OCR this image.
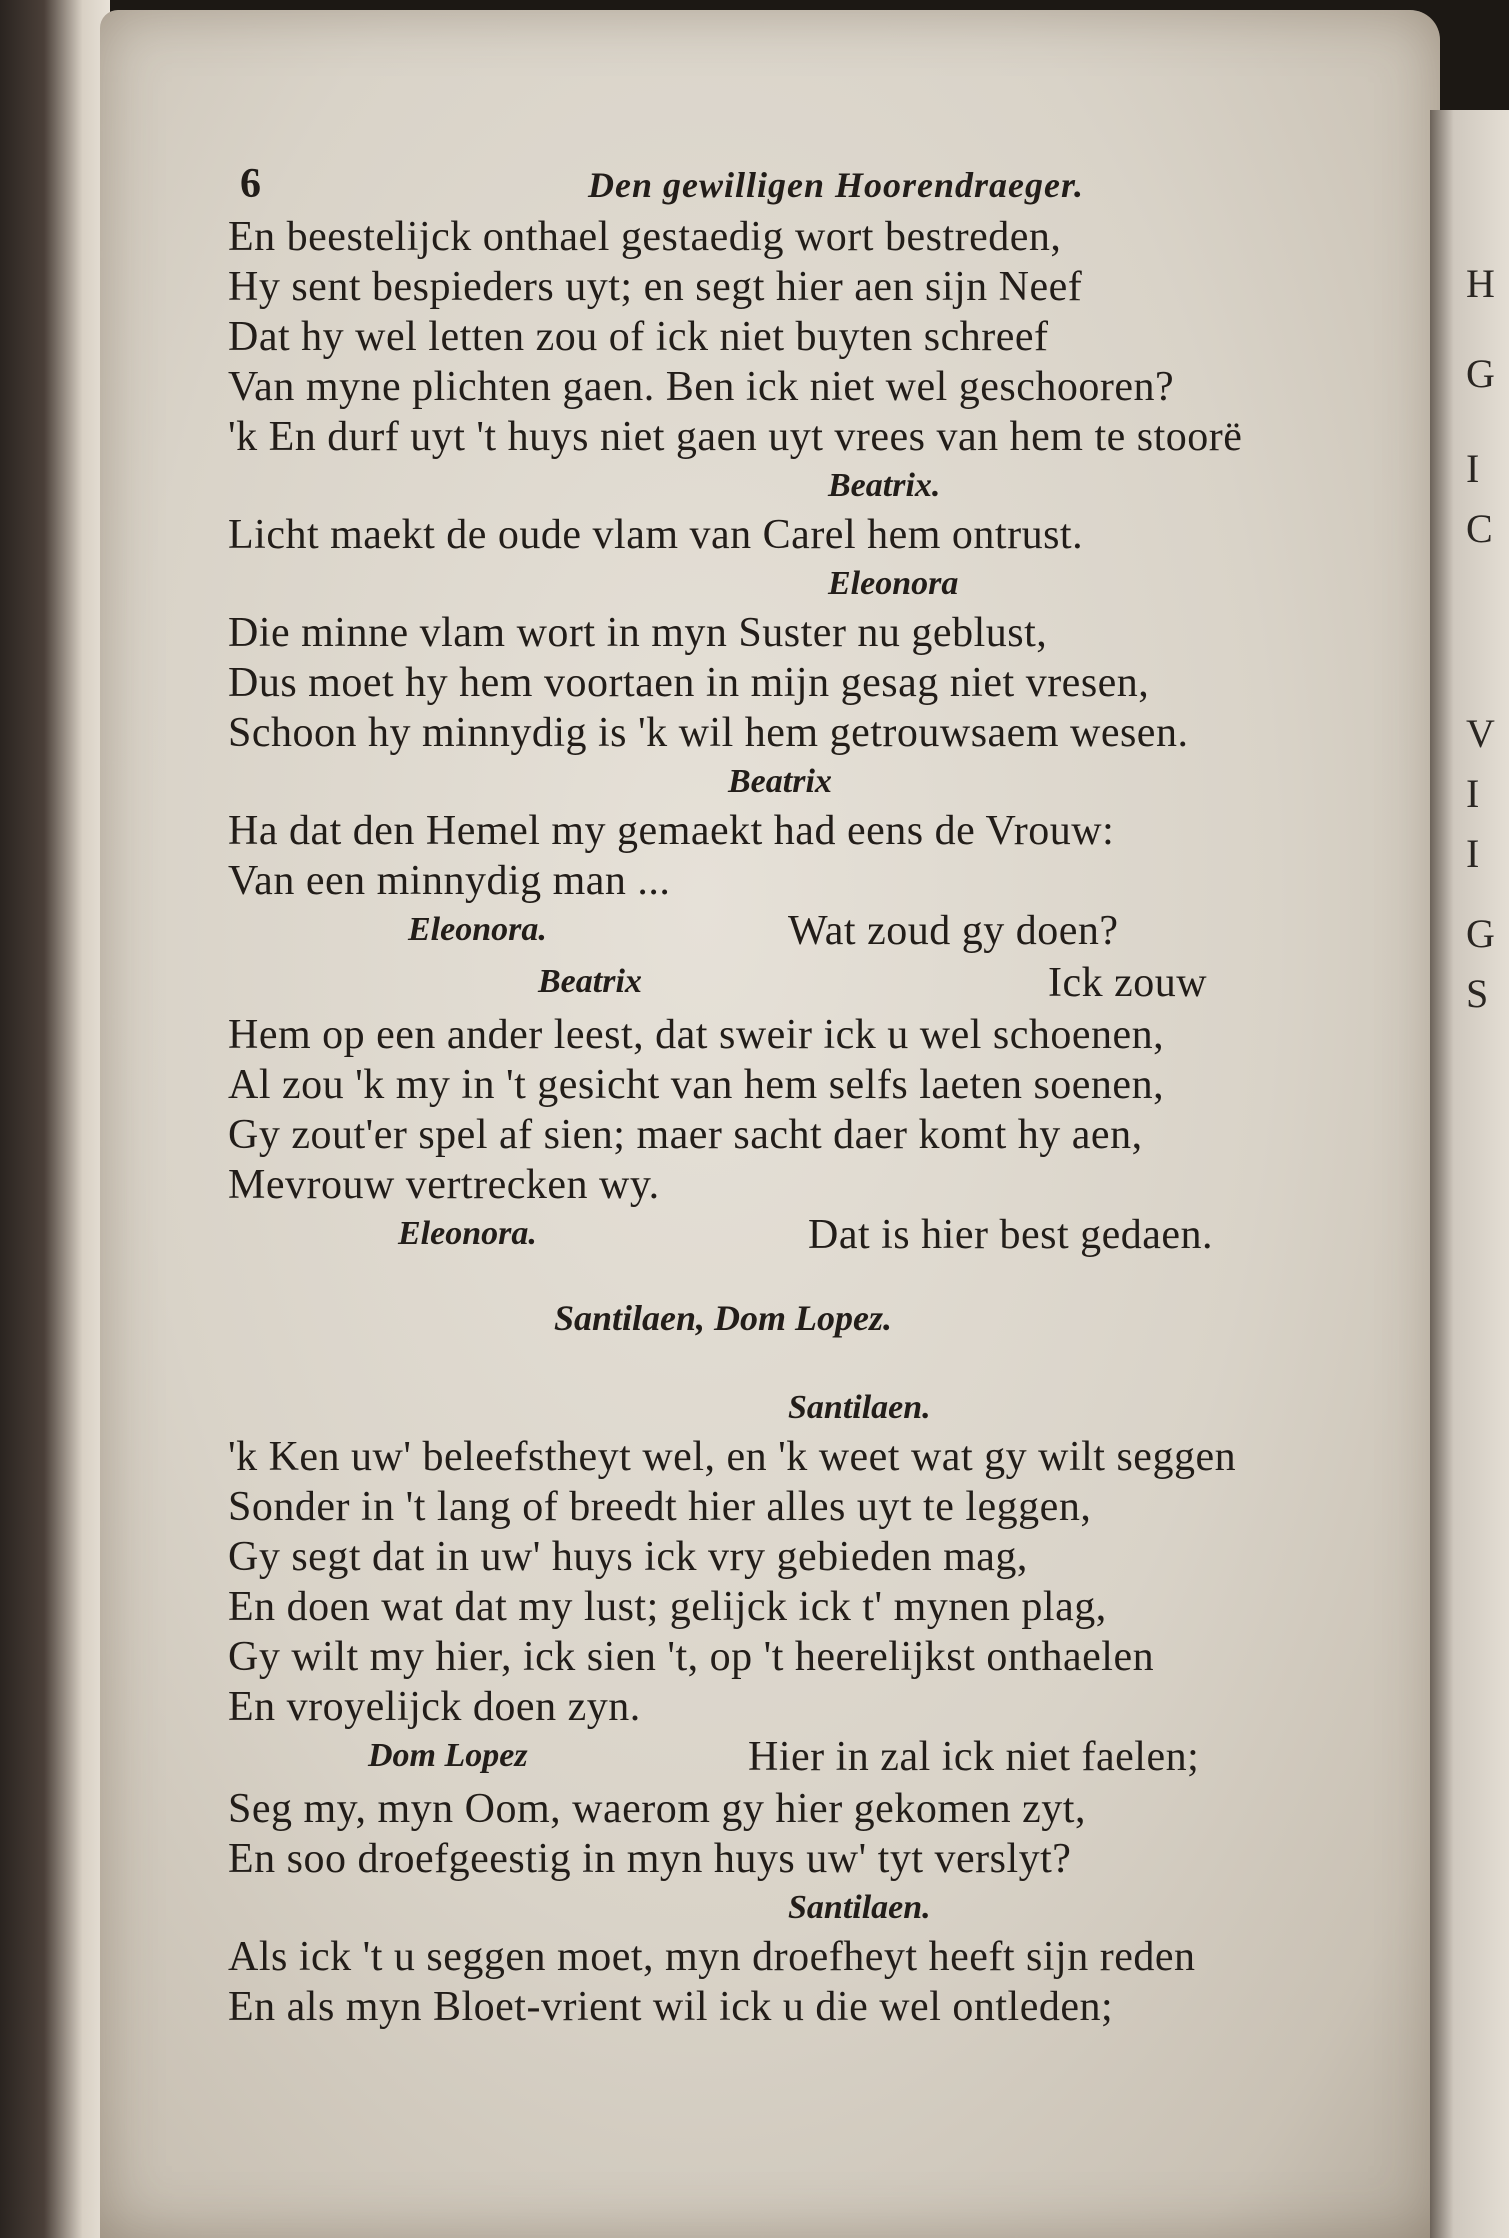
H
G
I
C
V
I
I
G
S
6	Den gewilligen Hoorendraeger.
En beestelijck onthael gestaedig wort bestreden,
Hy sent bespieders uyt; en segt hier aen sijn Neef
Dat hy wel letten zou of ick niet buyten schreef
Van myne plichten gaen. Ben ick niet wel geschooren?
'k En durf uyt 't huys niet gaen uyt vrees van hem te stoorë
Beatrix.
Licht maekt de oude vlam van Carel hem ontrust.
Eleonora
Die minne vlam wort in myn Suster nu geblust,
Dus moet hy hem voortaen in mijn gesag niet vresen,
Schoon hy minnydig is 'k wil hem getrouwsaem wesen.
Beatrix
Ha dat den Hemel my gemaekt had eens de Vrouw:
Van een minnydig man ...
Eleonora.	Wat zoud gy doen?
Beatrix	Ick zouw
Hem op een ander leest, dat sweir ick u wel schoenen,
Al zou 'k my in 't gesicht van hem selfs laeten soenen,
Gy zout'er spel af sien; maer sacht daer komt hy aen,
Mevrouw vertrecken wy.
Eleonora.	Dat is hier best gedaen.
Santilaen, Dom Lopez.
Santilaen.
'k Ken uw' beleefstheyt wel, en 'k weet wat gy wilt seggen
Sonder in 't lang of breedt hier alles uyt te leggen,
Gy segt dat in uw' huys ick vry gebieden mag,
En doen wat dat my lust; gelijck ick t' mynen plag,
Gy wilt my hier, ick sien 't, op 't heerelijkst onthaelen
En vroyelijck doen zyn.
Dom Lopez	Hier in zal ick niet faelen;
Seg my, myn Oom, waerom gy hier gekomen zyt,
En soo droefgeestig in myn huys uw' tyt verslyt?
Santilaen.
Als ick 't u seggen moet, myn droefheyt heeft sijn reden
En als myn Bloet-vrient wil ick u die wel ontleden;
